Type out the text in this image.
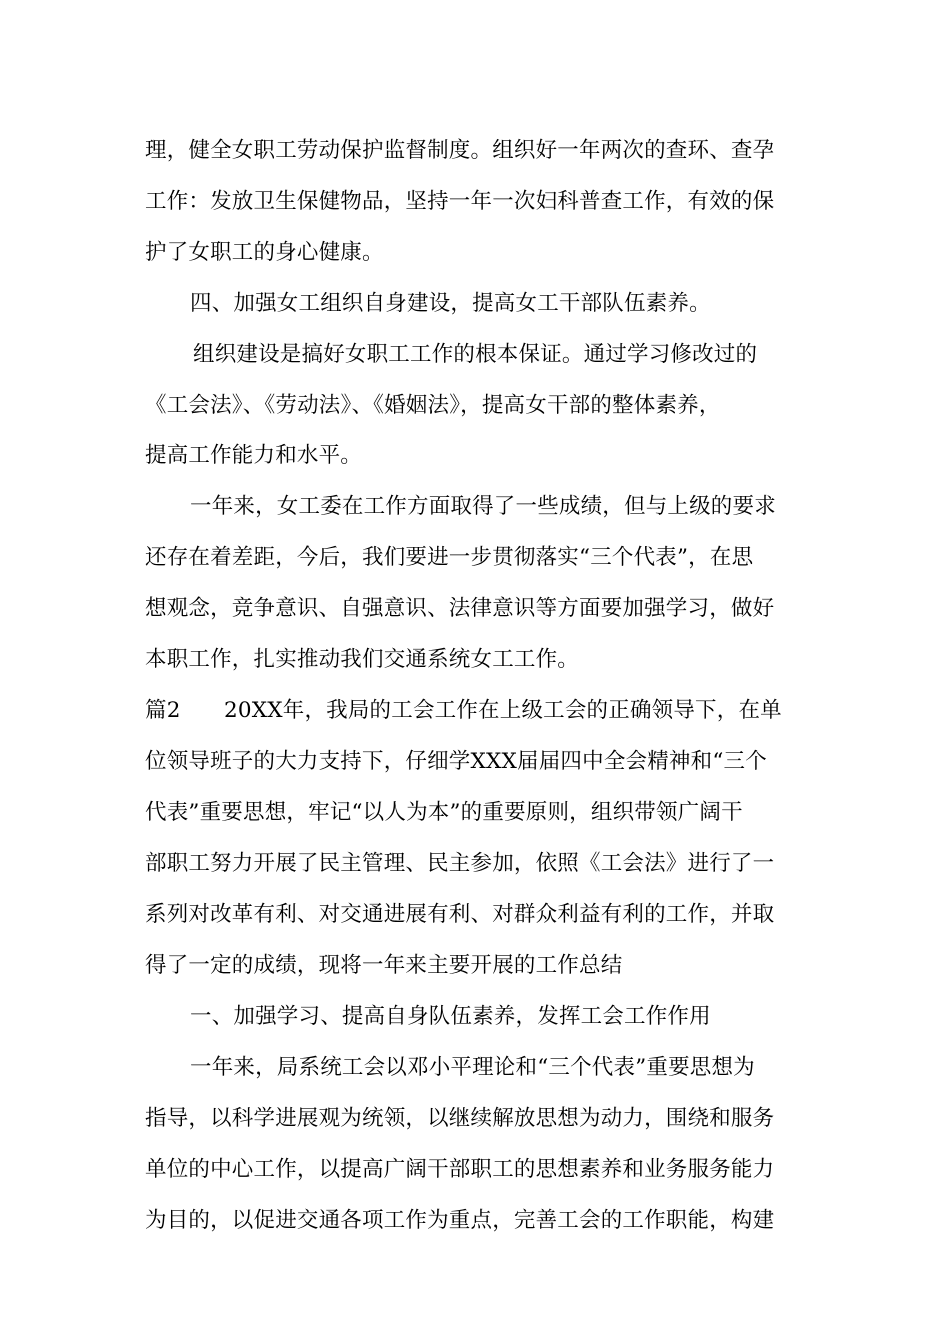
理，健全女职工劳动保护监督制度。组织好一年两次的查环、查孕
工作：发放卫生保健物品，坚持一年一次妇科普查工作，有效的保
护了女职工的身心健康。
四、加强女工组织自身建设，提高女工干部队伍素养。
组织建设是搞好女职工工作的根本保证。通过学习修改过的
《工会法》、《劳动法》、《婚姻法》，提高女干部的整体素养，
提高工作能力和水平。
一年来，女工委在工作方面取得了一些成绩，但与上级的要求
还存在着差距，今后，我们要进一步贯彻落实“三个代表”，在思
想观念，竞争意识、自强意识、法律意识等方面要加强学习，做好
本职工作，扎实推动我们交通系统女工工作。
篇2　　20XX年，我局的工会工作在上级工会的正确领导下，在单
位领导班子的大力支持下，仔细学XXX届届四中全会精神和“三个
代表”重要思想，牢记“以人为本”的重要原则，组织带领广阔干
部职工努力开展了民主管理、民主参加，依照《工会法》进行了一
系列对改革有利、对交通进展有利、对群众利益有利的工作，并取
得了一定的成绩，现将一年来主要开展的工作总结
一、加强学习、提高自身队伍素养，发挥工会工作作用
一年来，局系统工会以邓小平理论和“三个代表”重要思想为
指导，以科学进展观为统领，以继续解放思想为动力，围绕和服务
单位的中心工作，以提高广阔干部职工的思想素养和业务服务能力
为目的，以促进交通各项工作为重点，完善工会的工作职能，构建
